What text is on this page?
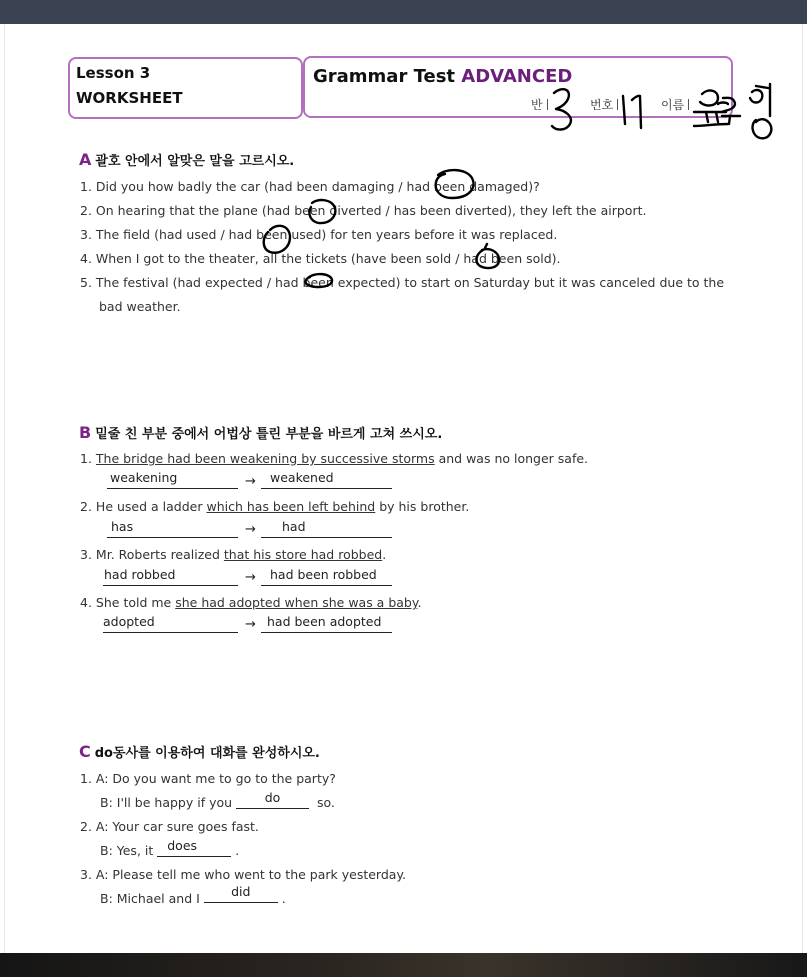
Lesson 3
WORKSHEET
Grammar Test ADVANCED
반	번호	이름
A 괄호 안에서 알맞은 말을 고르시오.
1. Did you how badly the car (had been damaging / had been damaged)?
2. On hearing that the plane (had been diverted / has been diverted), they left the airport.
3. The field (had used / had been used) for ten years before it was replaced.
4. When I got to the theater, all the tickets (have been sold / had been sold).
5. The festival (had expected / had been expected) to start on Saturday but it was canceled due to the
bad weather.
B 밑줄 친 부분 중에서 어법상 틀린 부분을 바르게 고쳐 쓰시오.
1. The bridge had been weakening by successive storms and was no longer safe.
weakening	→	weakened
2. He used a ladder which has been left behind by his brother.
has	→	had
3. Mr. Roberts realized that his store had robbed.
had robbed	→	had been robbed
4. She told me she had adopted when she was a baby.
adopted	→ had been adopted
C do동사를 이용하여 대화를 완성하시오.
1. A: Do you want me to go to the party?
B: I'll be happy if you do	so.
2. A: Your car sure goes fast.
B: Yes, it does	.
3. A: Please tell me who went to the park yesterday.
B: Michael and I did .
